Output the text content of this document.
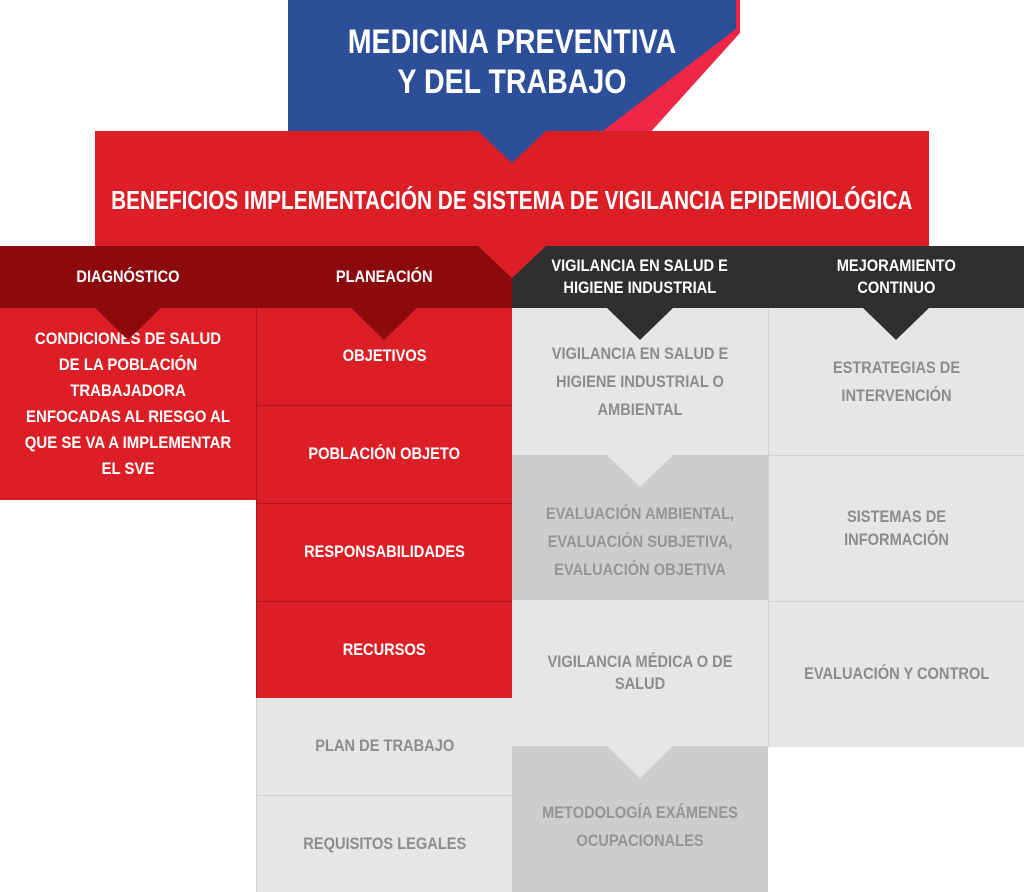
MEDICINA PREVENTIVA
Y DEL TRABAJO
BENEFICIOS IMPLEMENTACIÓN DE SISTEMA DE VIGILANCIA EPIDEMIOLÓGICA
DIAGNÓSTICO	PLANEACIÓN
VIGILANCIA EN SALUD E
HIGIENE INDUSTRIAL
MEJORAMIENTO
CONTINUO
CONDICIONES DE SALUD DE LA POBLACIÓN TRABAJADORA ENFOCADAS AL RIESGO AL QUE SE VA A IMPLEMENTAR EL SVE
OBJETIVOS
POBLACIÓN OBJETO
RESPONSABILIDADES
RECURSOS
PLAN DE TRABAJO
REQUISITOS LEGALES
VIGILANCIA EN SALUD E HIGIENE INDUSTRIAL O AMBIENTAL
EVALUACIÓN AMBIENTAL, EVALUACIÓN SUBJETIVA, EVALUACIÓN OBJETIVA
VIGILANCIA MÉDICA O DE SALUD
METODOLOGÍA EXÁMENES OCUPACIONALES
ESTRATEGIAS DE INTERVENCIÓN
SISTEMAS DE INFORMACIÓN
EVALUACIÓN Y CONTROL
